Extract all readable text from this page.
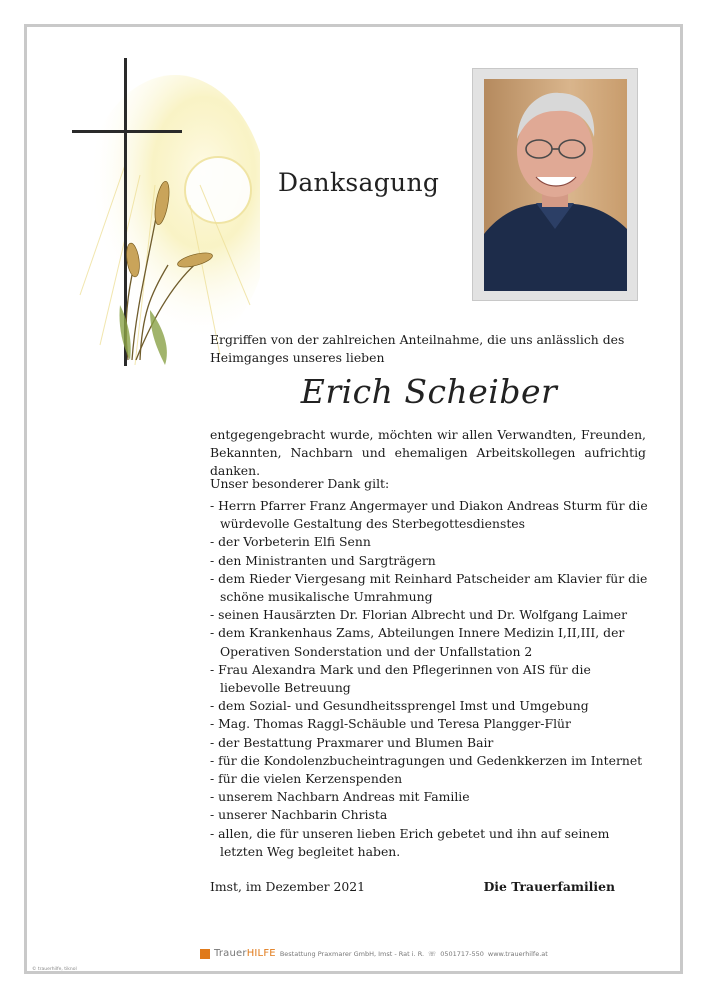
Danksagung
Ergriffen von der zahlreichen Anteilnahme, die uns anlässlich des Heimganges unseres lieben
Erich Scheiber
entgegengebracht wurde, möchten wir allen Verwandten, Freunden, Bekannten, Nachbarn und ehemaligen Arbeitskollegen aufrichtig danken.
Unser besonderer Dank gilt:
- Herrn Pfarrer Franz Angermayer und Diakon Andreas Sturm für die würdevolle Gestaltung des Sterbegottesdienstes
- der Vorbeterin Elfi Senn
- den Ministranten und Sargträgern
- dem Rieder Viergesang mit Reinhard Patscheider am Klavier für die schöne musikalische Umrahmung
- seinen Hausärzten Dr. Florian Albrecht und Dr. Wolfgang Laimer
- dem Krankenhaus Zams, Abteilungen Innere Medizin I,II,III, der Operativen Sonderstation und der Unfallstation 2
- Frau Alexandra Mark und den Pflegerinnen von AIS für die liebevolle Betreuung
- dem Sozial- und Gesundheitssprengel Imst und Umgebung
- Mag. Thomas Raggl-Schäuble und Teresa Plangger-Flür
- der Bestattung Praxmarer und Blumen Bair
- für die Kondolenzbucheintragungen und Gedenkkerzen im Internet
- für die vielen Kerzenspenden
- unserem Nachbarn Andreas mit Familie
- unserer Nachbarin Christa
- allen, die für unseren lieben Erich gebetet und ihn auf seinem letzten Weg begleitet haben.
Imst, im Dezember 2021	Die Trauerfamilien
TrauerHILFE Bestattung Praxmarer GmbH, Imst - Rat i. R. ☏ 0501717-550 www.trauerhilfe.at
© trauerhilfe, tiknol
